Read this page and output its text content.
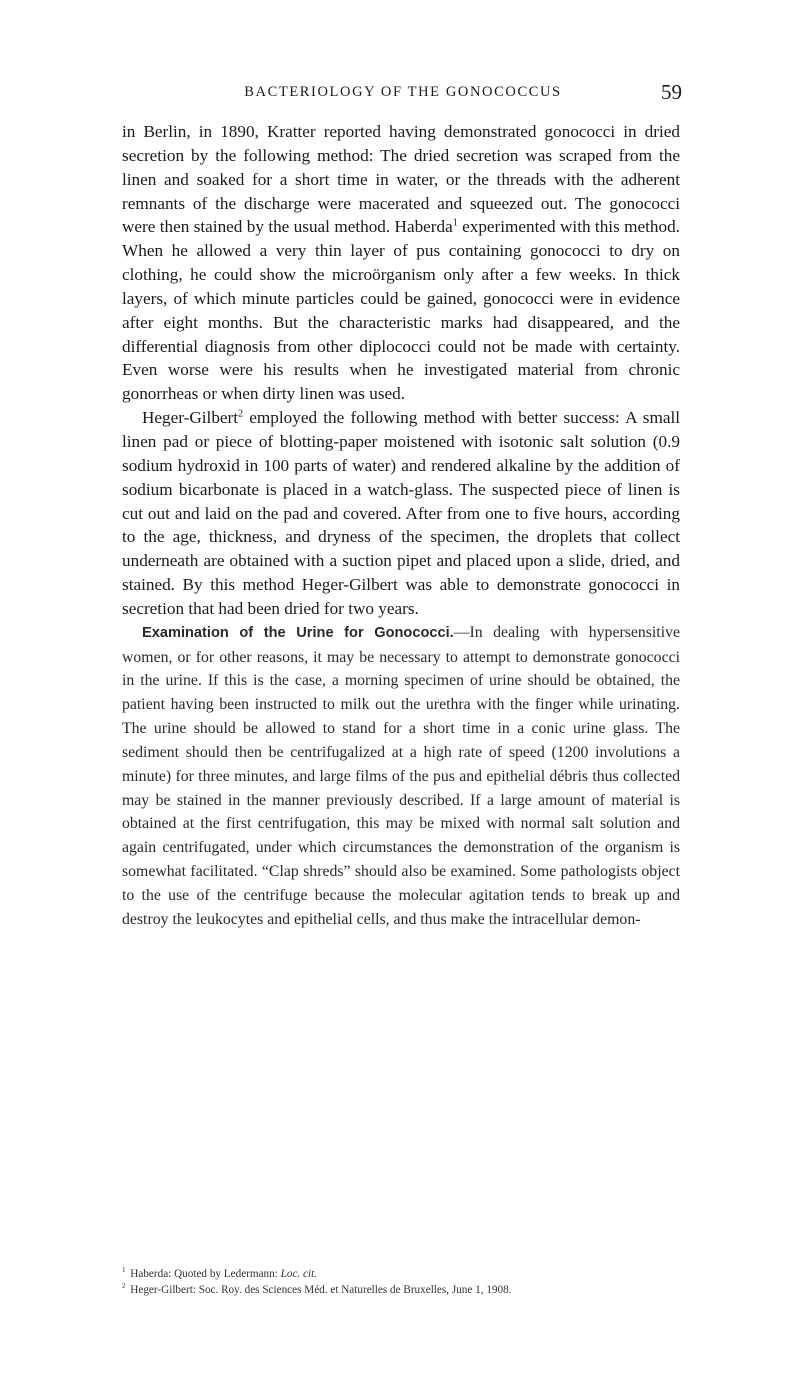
BACTERIOLOGY OF THE GONOCOCCUS	59

in Berlin, in 1890, Kratter reported having demonstrated gonococci in dried secretion by the following method: The dried secretion was scraped from the linen and soaked for a short time in water, or the threads with the adherent remnants of the discharge were macerated and squeezed out. The gonococci were then stained by the usual method. Haberda$^1$ experimented with this method. When he allowed a very thin layer of pus containing gonococci to dry on clothing, he could show the microörganism only after a few weeks. In thick layers, of which minute particles could be gained, gonococci were in evidence after eight months. But the characteristic marks had disappeared, and the differential diagnosis from other diplococci could not be made with certainty. Even worse were his results when he investigated material from chronic gonorrheas or when dirty linen was used.

Heger-Gilbert$^2$ employed the following method with better success: A small linen pad or piece of blotting-paper moistened with isotonic salt solution (0.9 sodium hydroxid in 100 parts of water) and rendered alkaline by the addition of sodium bicarbonate is placed in a watch-glass. The suspected piece of linen is cut out and laid on the pad and covered. After from one to five hours, according to the age, thickness, and dryness of the specimen, the droplets that collect underneath are obtained with a suction pipet and placed upon a slide, dried, and stained. By this method Heger-Gilbert was able to demonstrate gonococci in secretion that had been dried for two years.

Examination of the Urine for Gonococci.—In dealing with hypersensitive women, or for other reasons, it may be necessary to attempt to demonstrate gonococci in the urine. If this is the case, a morning specimen of urine should be obtained, the patient having been instructed to milk out the urethra with the finger while urinating. The urine should be allowed to stand for a short time in a conic urine glass. The sediment should then be centrifugalized at a high rate of speed (1200 involutions a minute) for three minutes, and large films of the pus and epithelial débris thus collected may be stained in the manner previously described. If a large amount of material is obtained at the first centrifugation, this may be mixed with normal salt solution and again centrifugated, under which circumstances the demonstration of the organism is somewhat facilitated. “Clap shreds” should also be examined. Some pathologists object to the use of the centrifuge because the molecular agitation tends to break up and destroy the leukocytes and epithelial cells, and thus make the intracellular demon-

$^1$ Haberda: Quoted by Ledermann: Loc. cit.
$^2$ Heger-Gilbert: Soc. Roy. des Sciences Méd. et Naturelles de Bruxelles, June 1, 1908.
